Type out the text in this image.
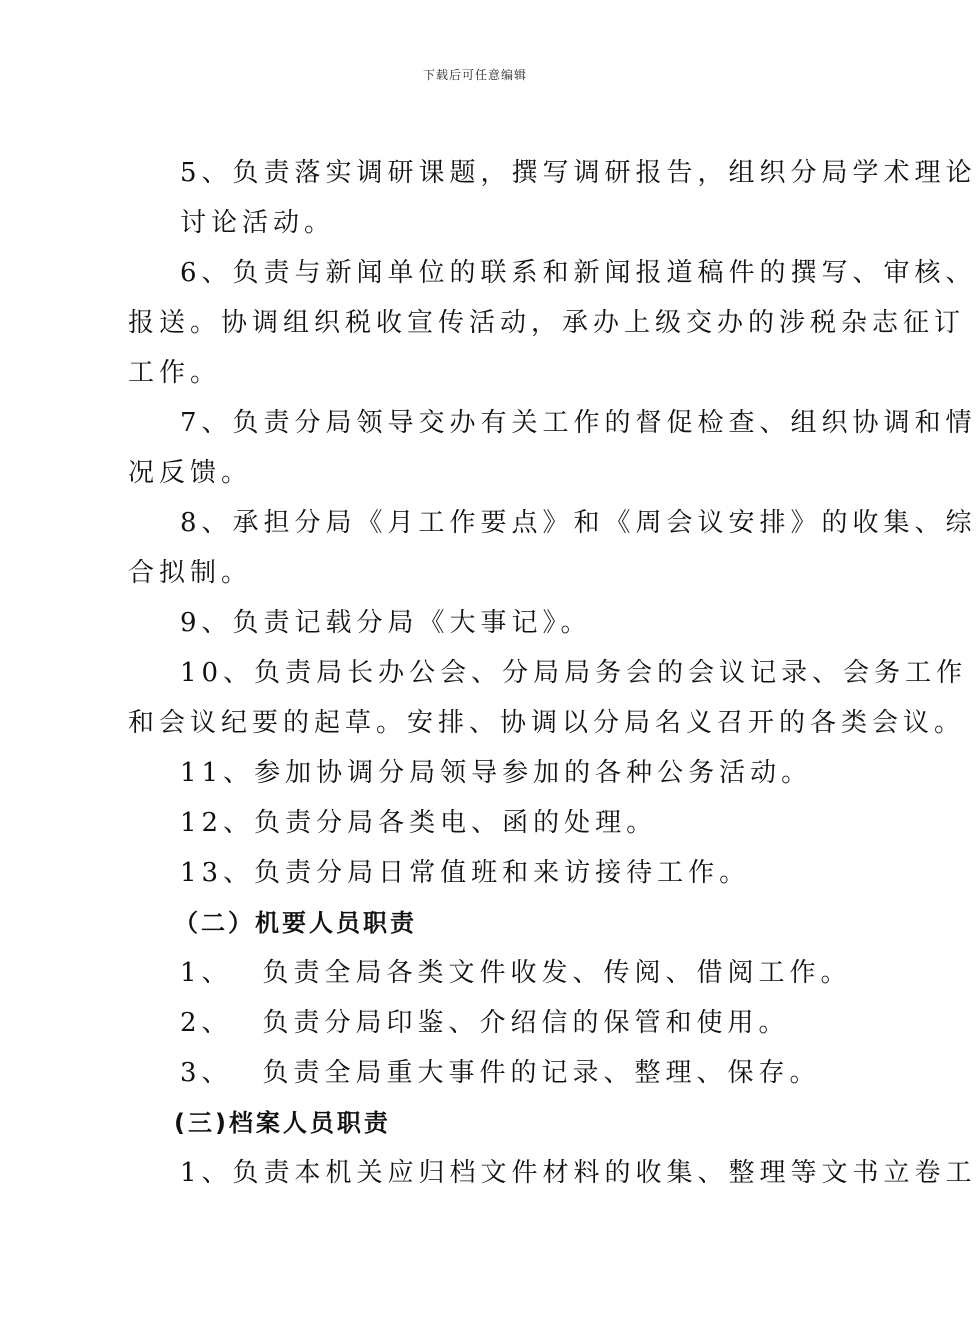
下载后可任意编辑
5、负责落实调研课题，撰写调研报告，组织分局学术理论
讨论活动。
6、负责与新闻单位的联系和新闻报道稿件的撰写、审核、
报送。协调组织税收宣传活动，承办上级交办的涉税杂志征订
工作。
7、负责分局领导交办有关工作的督促检查、组织协调和情
况反馈。
8、承担分局《月工作要点》和《周会议安排》的收集、综
合拟制。
9、负责记载分局《大事记》。
10、负责局长办公会、分局局务会的会议记录、会务工作
和会议纪要的起草。安排、协调以分局名义召开的各类会议。
11、参加协调分局领导参加的各种公务活动。
12、负责分局各类电、函的处理。
13、负责分局日常值班和来访接待工作。
（二）机要人员职责
1、 负责全局各类文件收发、传阅、借阅工作。
2、 负责分局印鉴、介绍信的保管和使用。
3、 负责全局重大事件的记录、整理、保存。
(三)档案人员职责
1、负责本机关应归档文件材料的收集、整理等文书立卷工
